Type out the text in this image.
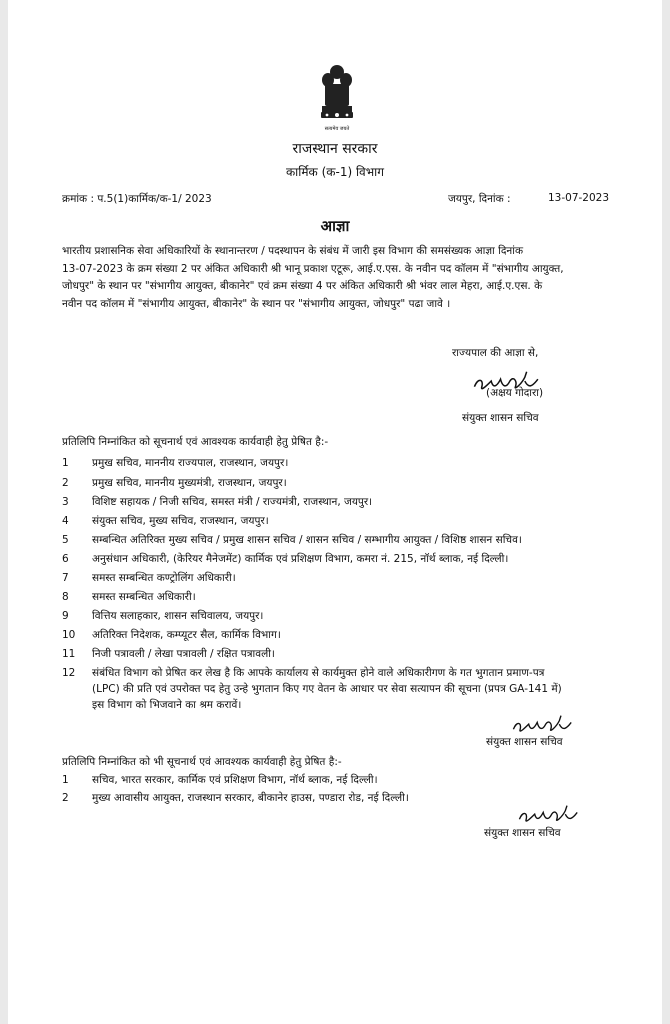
सत्यमेव जयते
राजस्थान सरकार
कार्मिक (क-1) विभाग
क्रमांक : प.5(1)कार्मिक/क-1/ 2023	जयपुर, दिनांक :	13-07-2023
आज्ञा

भारतीय प्रशासनिक सेवा अधिकारियों के स्थानान्तरण / पदस्थापन के संबंध में जारी इस विभाग की समसंख्यक आज्ञा दिनांक

13-07-2023 के क्रम संख्या 2 पर अंकित अधिकारी श्री भानू प्रकाश एटूरू, आई.ए.एस. के नवीन पद कॉलम में "संभागीय आयुक्त,

जोधपुर" के स्थान पर "संभागीय आयुक्त, बीकानेर" एवं क्रम संख्या 4 पर अंकित अधिकारी श्री भंवर लाल मेहरा, आई.ए.एस. के

नवीन पद कॉलम में "संभागीय आयुक्त, बीकानेर" के स्थान पर "संभागीय आयुक्त, जोधपुर" पढा जावे ।

राज्यपाल की आज्ञा से,
(अक्षय गोदारा)
संयुक्त शासन सचिव
प्रतिलिपि निम्नांकित को सूचनार्थ एवं आवश्यक कार्यवाही हेतु प्रेषित है:-
1 प्रमुख सचिव, माननीय राज्यपाल, राजस्थान, जयपुर।
2 प्रमुख सचिव, माननीय मुख्यमंत्री, राजस्थान, जयपुर।
3 विशिष्ट सहायक / निजी सचिव, समस्त मंत्री / राज्यमंत्री, राजस्थान, जयपुर।
4 संयुक्त सचिव, मुख्य सचिव, राजस्थान, जयपुर।
5 सम्बन्धित अतिरिक्त मुख्य सचिव / प्रमुख शासन सचिव / शासन सचिव / सम्भागीय आयुक्त / विशिष्ठ शासन सचिव।
6 अनुसंधान अधिकारी, (केरियर मैनेजमेंट) कार्मिक एवं प्रशिक्षण विभाग, कमरा नं. 215, नॉर्थ ब्लाक, नई दिल्ली।
7 समस्त सम्बन्धित कण्ट्रोलिंग अधिकारी।
8 समस्त सम्बन्धित अधिकारी।
9 वित्तिय सलाहकार, शासन सचिवालय, जयपुर।
10 अतिरिक्त निदेशक, कम्प्यूटर सैल, कार्मिक विभाग।
11 निजी पत्रावली / लेखा पत्रावली / रक्षित पत्रावली।
12 संबंधित विभाग को प्रेषित कर लेख है कि आपके कार्यालय से कार्यमुक्त होने वाले अधिकारीगण के गत भुगतान प्रमाण-पत्र
(LPC) की प्रति एवं उपरोक्त पद हेतु उन्हे भुगतान किए गए वेतन के आधार पर सेवा सत्यापन की सूचना (प्रपत्र GA-141 में)
इस विभाग को भिजवाने का श्रम करावें।
संयुक्त शासन सचिव
प्रतिलिपि निम्नांकित को भी सूचनार्थ एवं आवश्यक कार्यवाही हेतु प्रेषित है:-
1 सचिव, भारत सरकार, कार्मिक एवं प्रशिक्षण विभाग, नॉर्थ ब्लाक, नई दिल्ली।
2 मुख्य आवासीय आयुक्त, राजस्थान सरकार, बीकानेर हाउस, पण्डारा रोड, नई दिल्ली।
संयुक्त शासन सचिव
